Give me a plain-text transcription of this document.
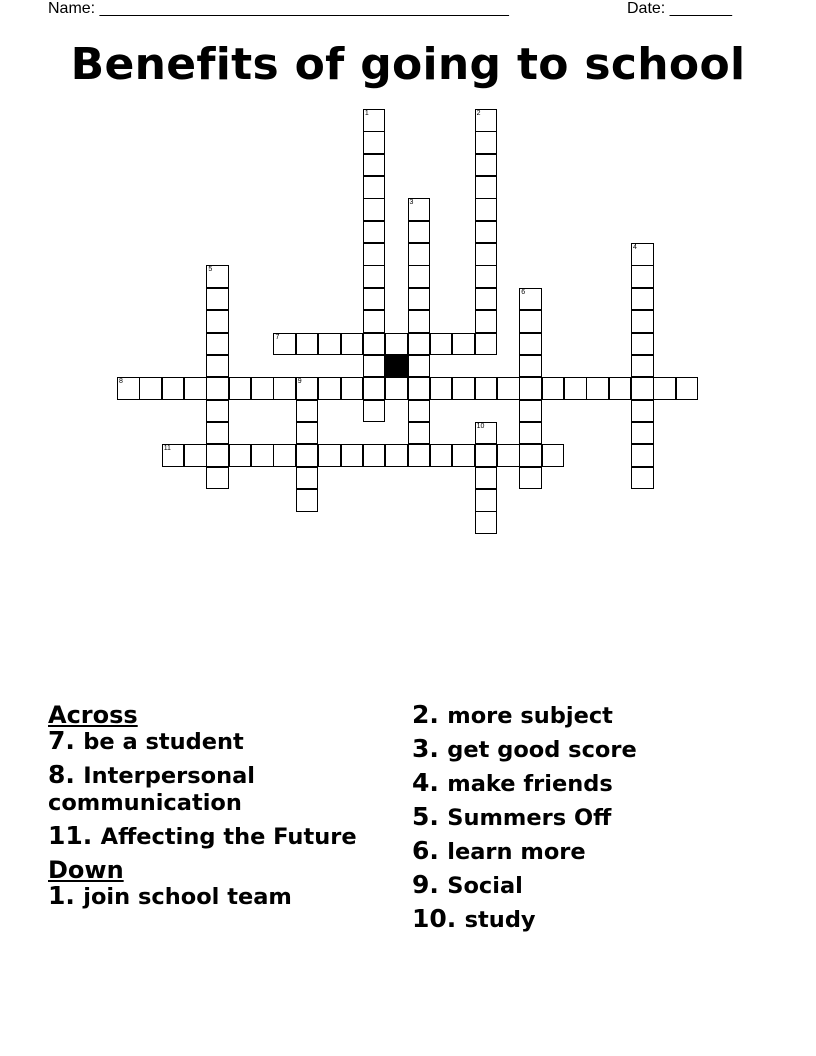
Name: ______________________________________________	Date: _______
Benefits of going to school
1	2
3
4
5
6
7
8	9
10
11
Across
7. be a student
8. Interpersonal communication
11. Affecting the Future
Down
1. join school team
2. more subject
3. get good score
4. make friends
5. Summers Off
6. learn more
9. Social
10. study
